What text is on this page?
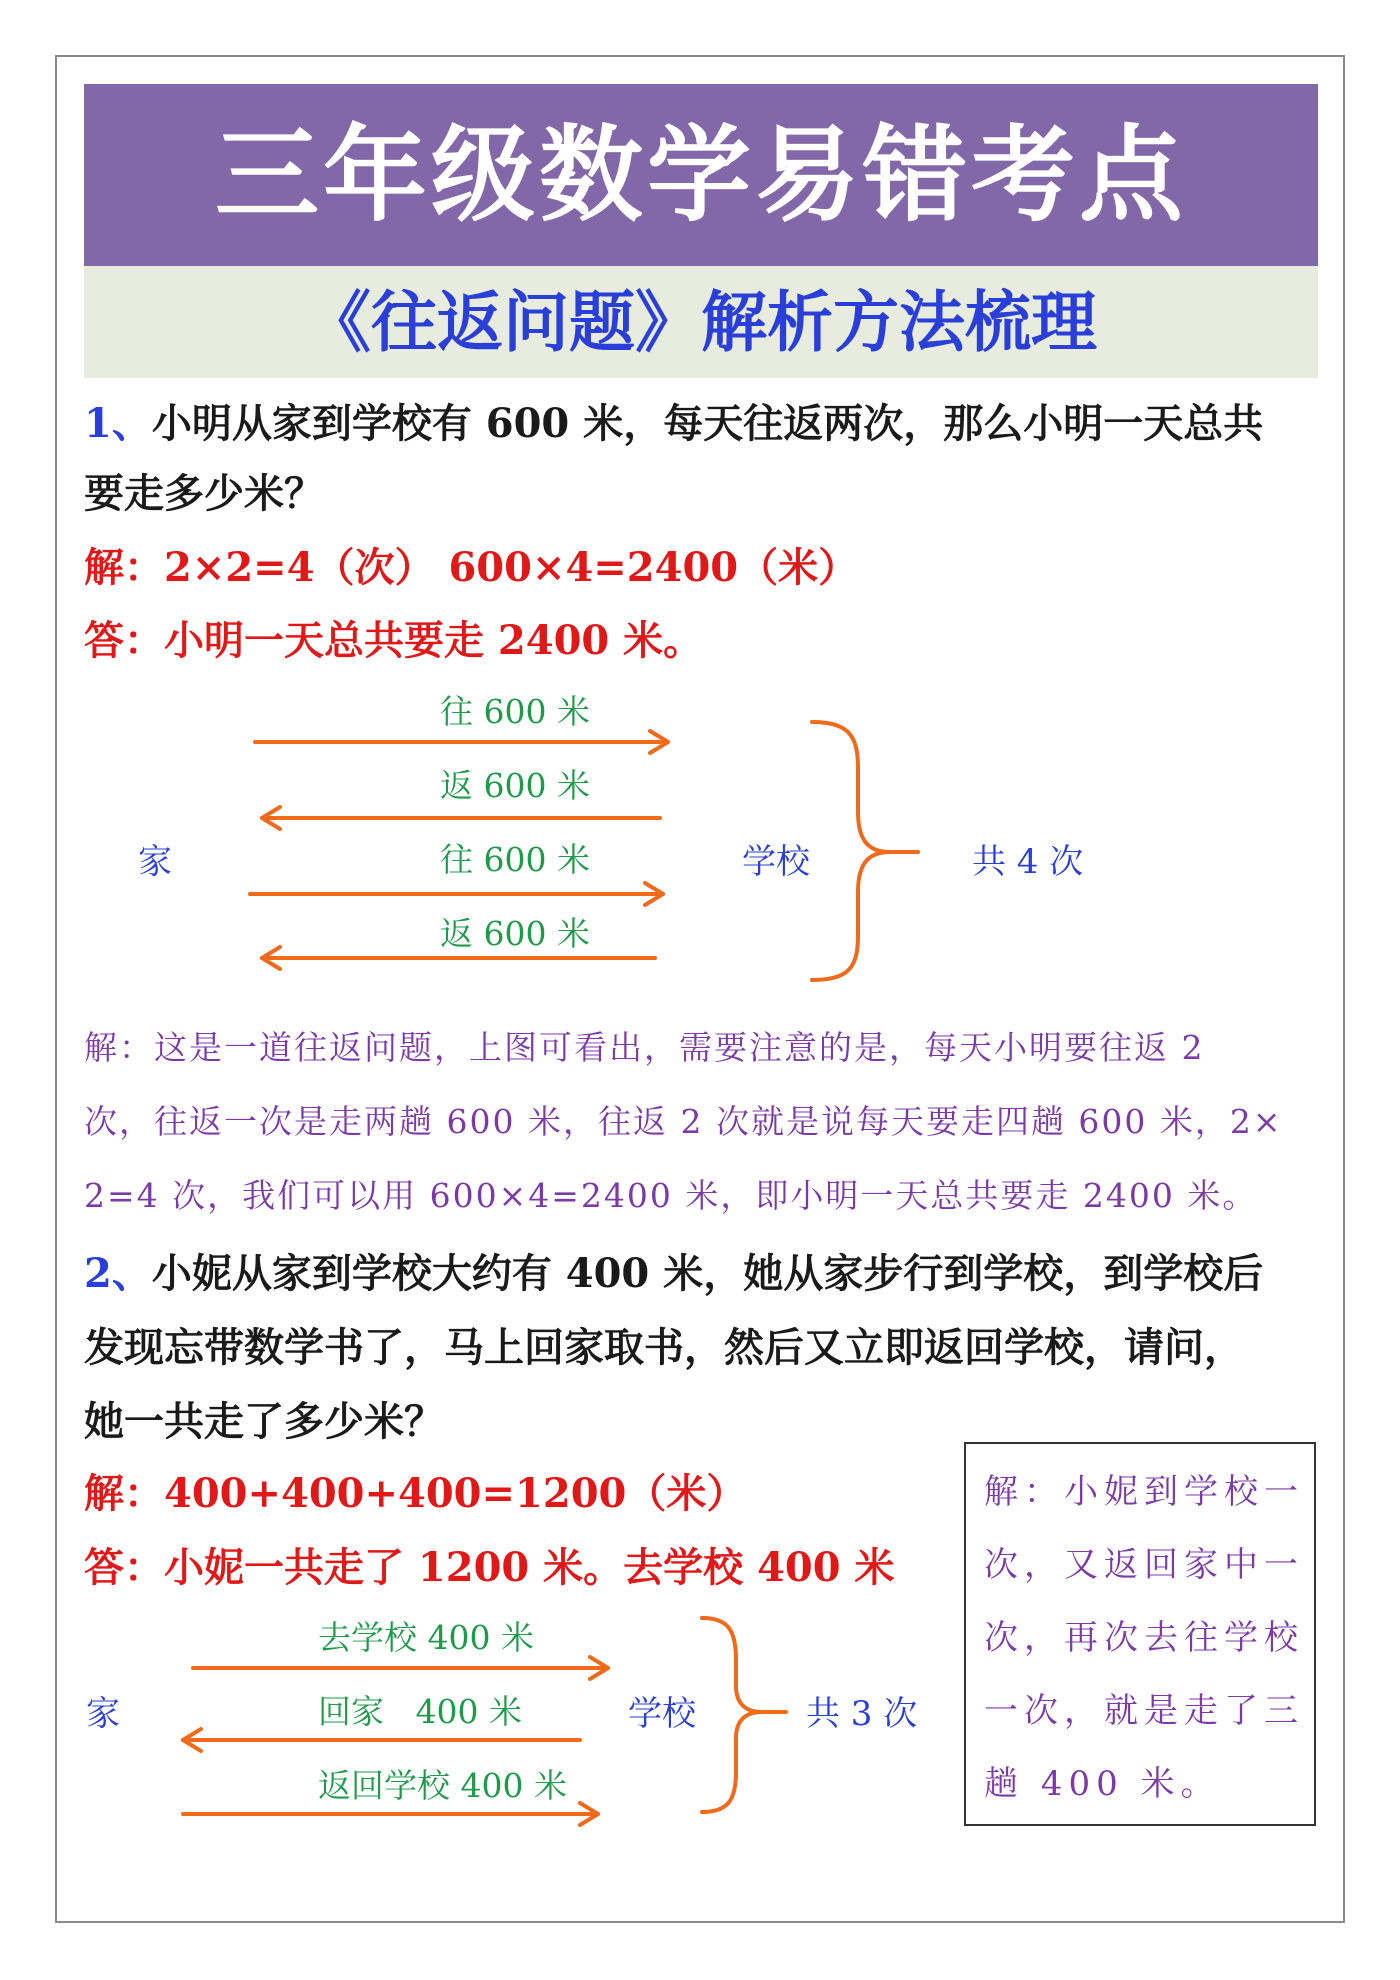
三年级数学易错考点
《往返问题》解析方法梳理
1、小明从家到学校有 600 米，每天往返两次，那么小明一天总共
要走多少米？
解：2×2=4（次） 600×4=2400（米）
答：小明一天总共要走 2400 米。
往 600 米
返 600 米
往 600 米
返 600 米
家	学校	共 4 次
解：这是一道往返问题，上图可看出，需要注意的是，每天小明要往返 2
次，往返一次是走两趟 600 米，往返 2 次就是说每天要走四趟 600 米，2×
2=4 次，我们可以用 600×4=2400 米，即小明一天总共要走 2400 米。
2、小妮从家到学校大约有 400 米，她从家步行到学校，到学校后
发现忘带数学书了，马上回家取书，然后又立即返回学校，请问，
她一共走了多少米？
解：400+400+400=1200（米）
答：小妮一共走了 1200 米。去学校 400 米
去学校 400 米
回家   400 米
返回学校 400 米
家	学校	共 3 次
解：小妮到学校一
次，又返回家中一
次，再次去往学校
一次，就是走了三
趟 400 米。
